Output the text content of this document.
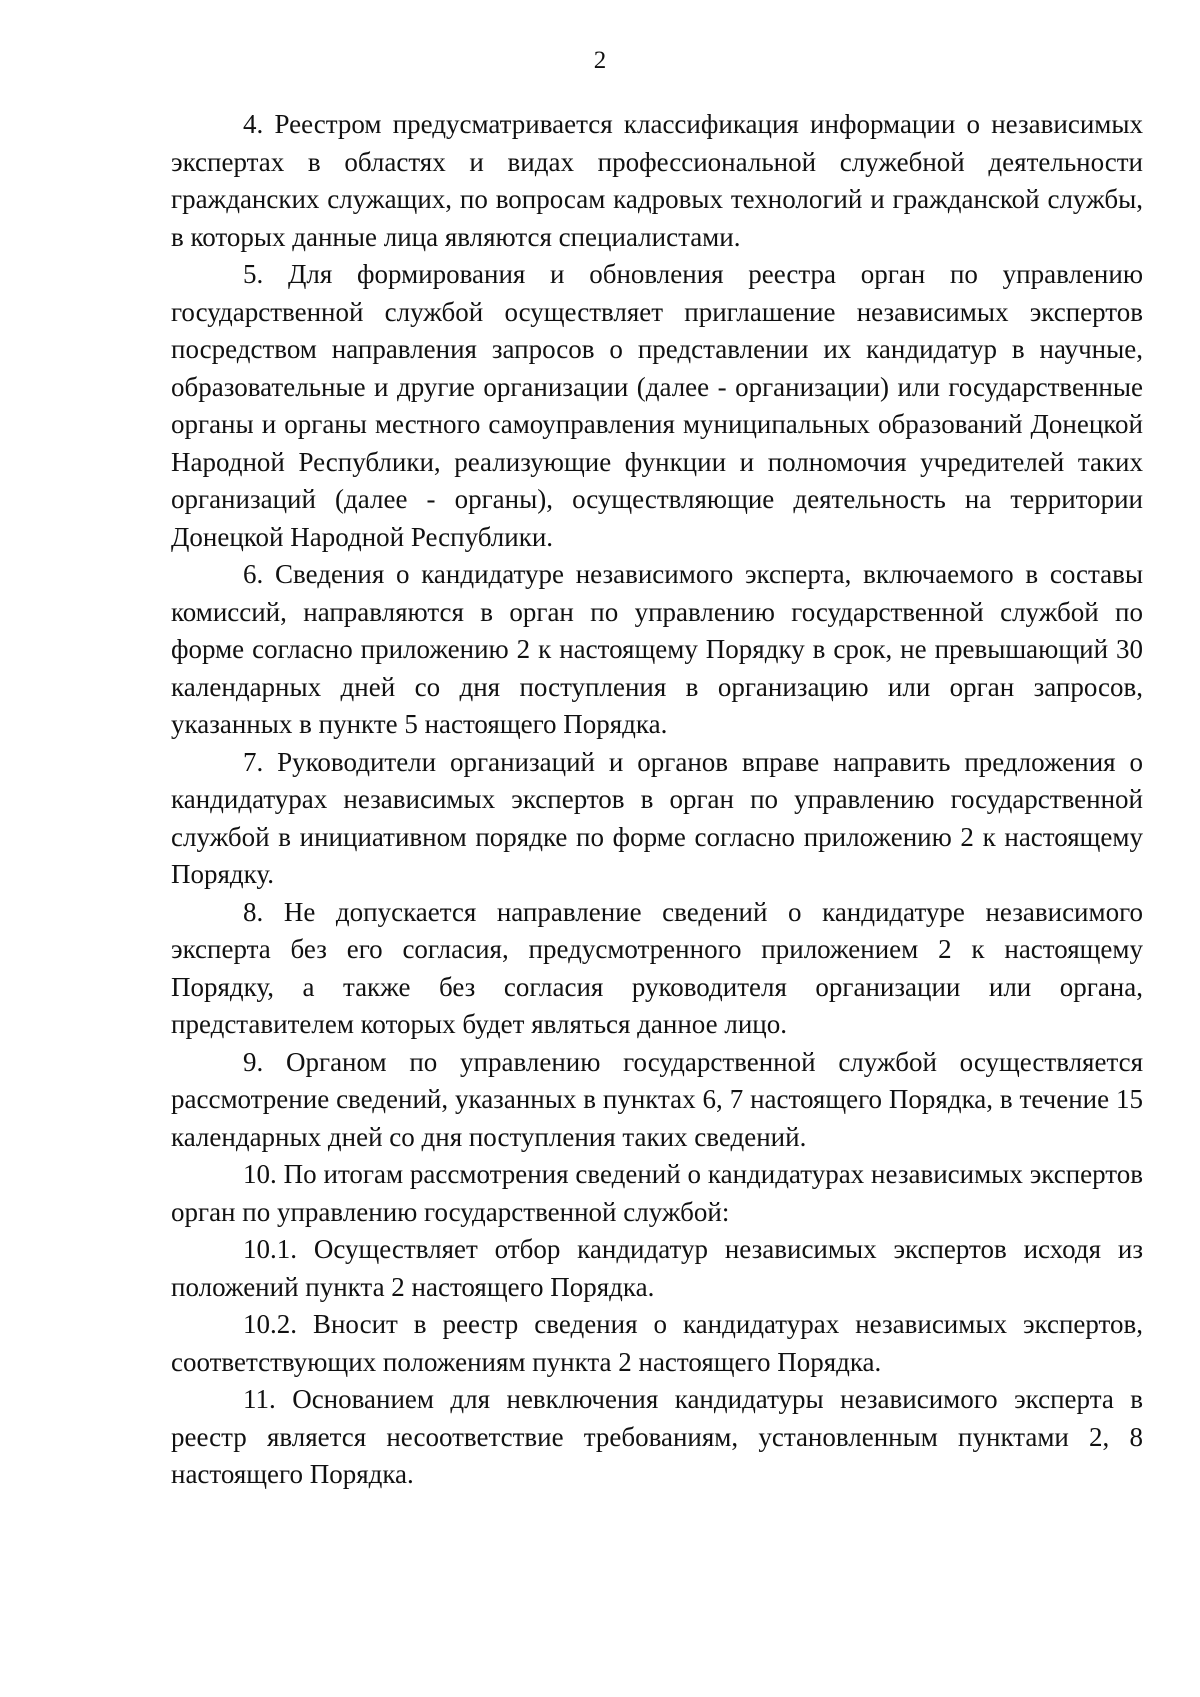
2

4. Реестром предусматривается классификация информации о независимых экспертах в областях и видах профессиональной служебной деятельности гражданских служащих, по вопросам кадровых технологий и гражданской службы, в которых данные лица являются специалистами.

5. Для формирования и обновления реестра орган по управлению государственной службой осуществляет приглашение независимых экспертов посредством направления запросов о представлении их кандидатур в научные, образовательные и другие организации (далее - организации) или государственные органы и органы местного самоуправления муниципальных образований Донецкой Народной Республики, реализующие функции и полномочия учредителей таких организаций (далее - органы), осуществляющие деятельность на территории Донецкой Народной Республики.

6. Сведения о кандидатуре независимого эксперта, включаемого в составы комиссий, направляются в орган по управлению государственной службой по форме согласно приложению 2 к настоящему Порядку в срок, не превышающий 30 календарных дней со дня поступления в организацию или орган запросов, указанных в пункте 5 настоящего Порядка.

7. Руководители организаций и органов вправе направить предложения о кандидатурах независимых экспертов в орган по управлению государственной службой в инициативном порядке по форме согласно приложению 2 к настоящему Порядку.

8. Не допускается направление сведений о кандидатуре независимого эксперта без его согласия, предусмотренного приложением 2 к настоящему Порядку, а также без согласия руководителя организации или органа, представителем которых будет являться данное лицо.

9. Органом по управлению государственной службой осуществляется рассмотрение сведений, указанных в пунктах 6, 7 настоящего Порядка, в течение 15 календарных дней со дня поступления таких сведений.

10. По итогам рассмотрения сведений о кандидатурах независимых экспертов орган по управлению государственной службой:

10.1. Осуществляет отбор кандидатур независимых экспертов исходя из положений пункта 2 настоящего Порядка.

10.2. Вносит в реестр сведения о кандидатурах независимых экспертов, соответствующих положениям пункта 2 настоящего Порядка.

11. Основанием для невключения кандидатуры независимого эксперта в реестр является несоответствие требованиям, установленным пунктами 2, 8 настоящего Порядка.
